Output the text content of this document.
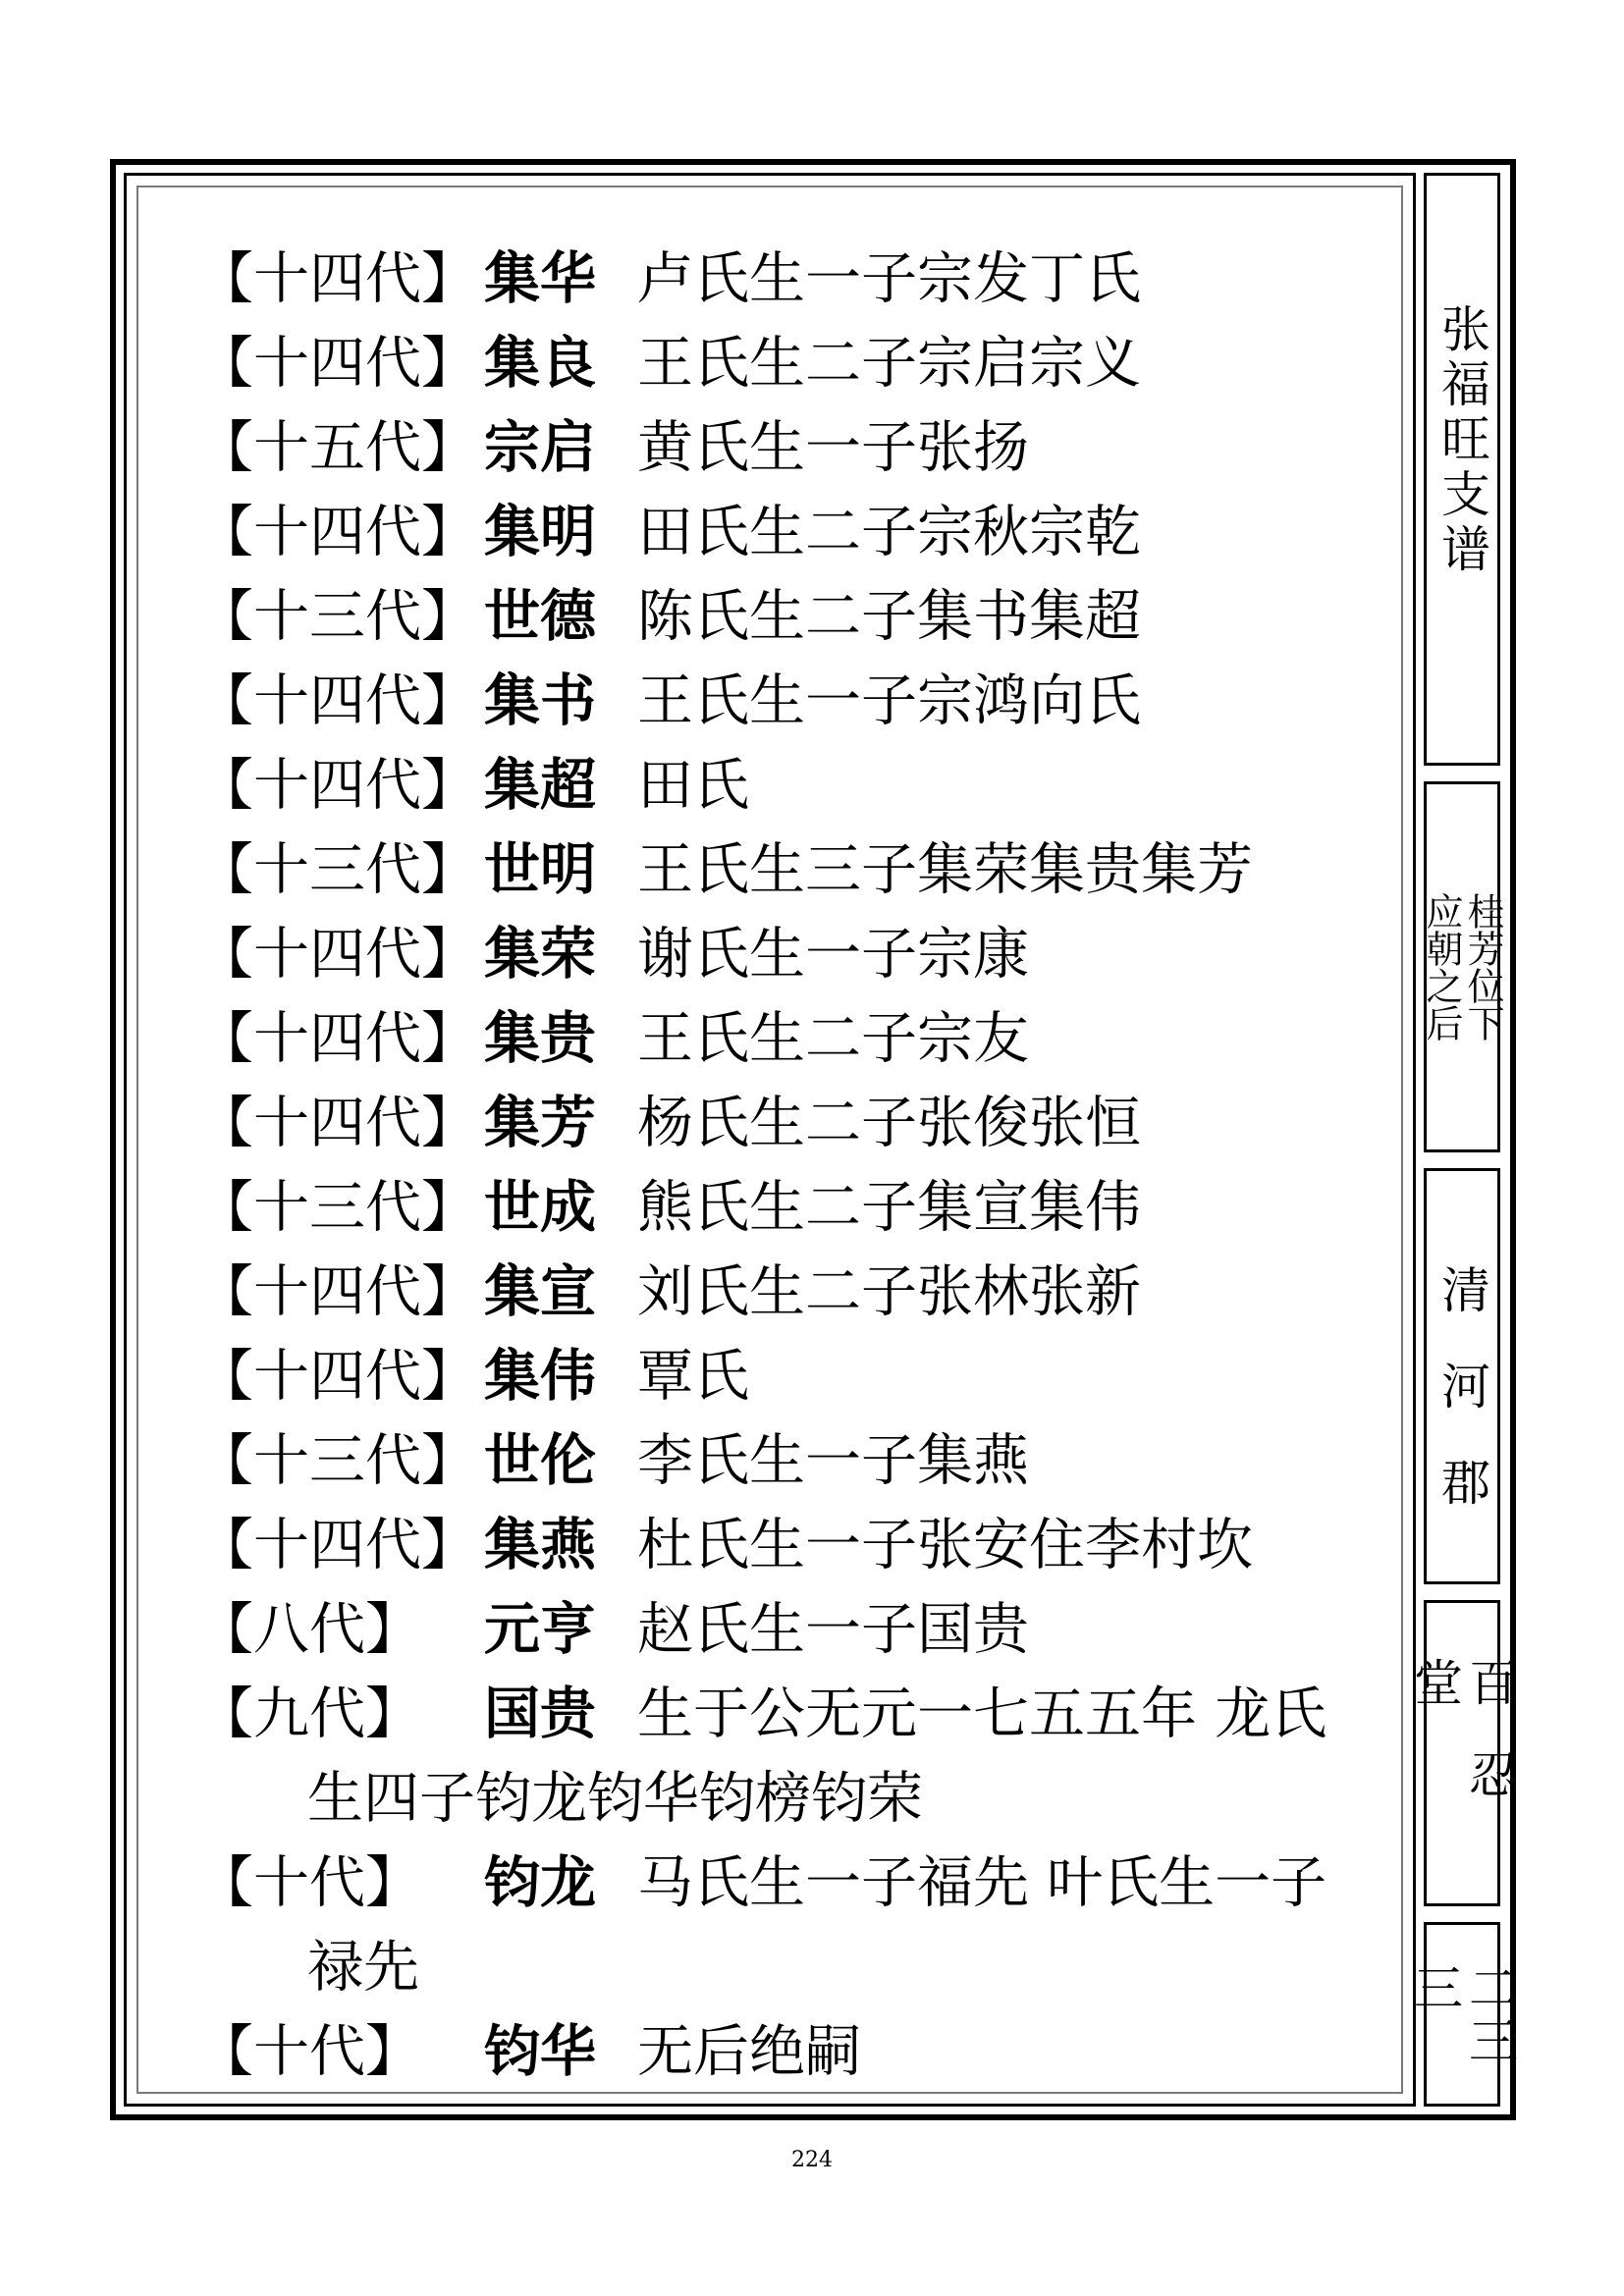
【十四代】 集华 卢氏生一子宗发丁氏
【十四代】 集良 王氏生二子宗启宗义
【十五代】 宗启 黄氏生一子张扬
【十四代】 集明 田氏生二子宗秋宗乾
【十三代】 世德 陈氏生二子集书集超
【十四代】 集书 王氏生一子宗鸿向氏
【十四代】 集超 田氏
【十三代】 世明 王氏生三子集荣集贵集芳
【十四代】 集荣 谢氏生一子宗康
【十四代】 集贵 王氏生二子宗友
【十四代】 集芳 杨氏生二子张俊张恒
【十三代】 世成 熊氏生二子集宣集伟
【十四代】 集宣 刘氏生二子张林张新
【十四代】 集伟 覃氏
【十三代】 世伦 李氏生一子集燕
【十四代】 集燕 杜氏生一子张安住李村坎
【八代】 元亨 赵氏生一子国贵
【九代】 国贵 生于公无元一七五五年 龙氏
生四子钧龙钧华钧榜钧荣
【十代】 钧龙 马氏生一子福先 叶氏生一子
禄先
【十代】 钧华 无后绝嗣
张福旺支谱
桂芳位下
应朝之后
清河郡
百忍堂
二三三
224
